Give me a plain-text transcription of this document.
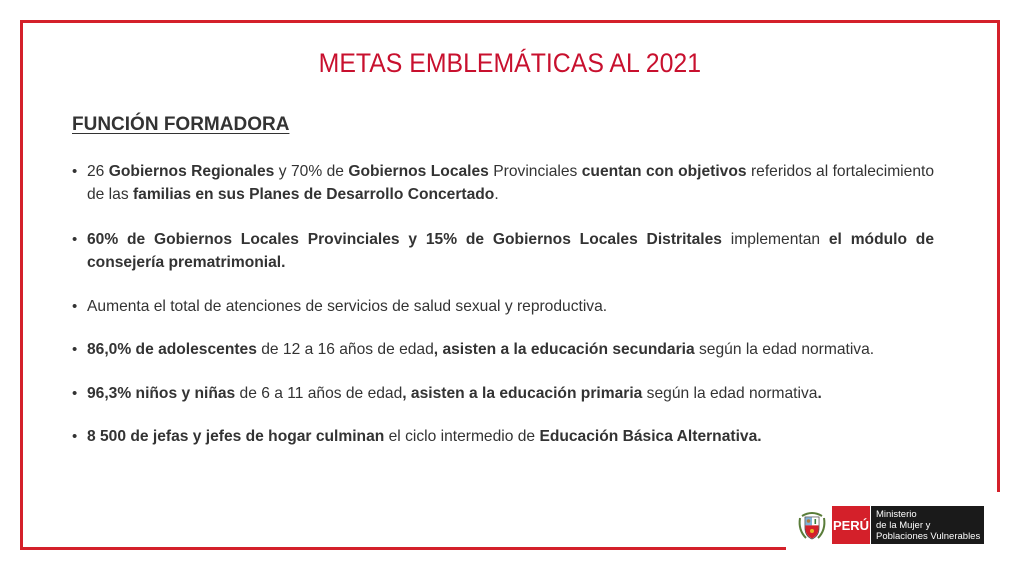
METAS EMBLEMÁTICAS AL 2021
FUNCIÓN FORMADORA
• 26 Gobiernos Regionales y 70% de Gobiernos Locales Provinciales cuentan con objetivos referidos al fortalecimiento de las familias en sus Planes de Desarrollo Concertado.
• 60% de Gobiernos Locales Provinciales y 15% de Gobiernos Locales Distritales implementan el módulo de consejería prematrimonial.
• Aumenta el total de atenciones de servicios de salud sexual y reproductiva.
• 86,0% de adolescentes de 12 a 16 años de edad, asisten a la educación secundaria según la edad normativa.
• 96,3% niños y niñas de 6 a 11 años de edad, asisten a la educación primaria según la edad normativa.
• 8 500 de jefas y jefes de hogar culminan el ciclo intermedio de Educación Básica Alternativa.
PERÚ
Ministerio
de la Mujer y
Poblaciones Vulnerables
